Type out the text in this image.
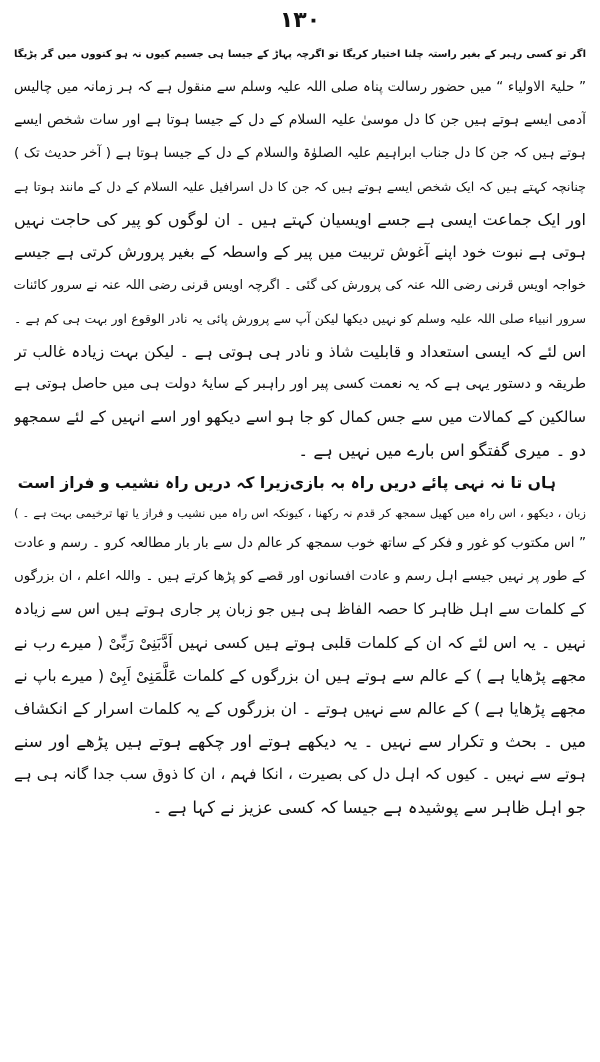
۱۳۰
اگر تو کسی رہبر کے بغیر راستہ چلنا اختیار کریگا تو اگرچہ پہاڑ کے جیسا ہی جسیم کیوں نہ ہو کنووں میں گر پڑیگا
” حلیۃ الاولیاء “ میں حضور رسالت پناہ صلی اللہ علیہ وسلم سے منقول ہے کہ ہر زمانہ میں چالیس
آدمی ایسے ہوتے ہیں جن کا دل موسیٰ علیہ السلام کے دل کے جیسا ہوتا ہے اور سات شخص ایسے
ہوتے ہیں کہ جن کا دل جناب ابراہیم علیہ الصلوٰۃ والسلام کے دل کے جیسا ہوتا ہے ( آخر حدیث تک )
چنانچہ کہتے ہیں کہ ایک شخص ایسے ہوتے ہیں کہ جن کا دل اسرافیل علیہ السلام کے دل کے مانند ہوتا ہے
اور ایک جماعت ایسی ہے جسے اویسیان کہتے ہیں ۔ ان لوگوں کو پیر کی حاجت نہیں
ہوتی ہے نبوت خود اپنے آغوش تربیت میں پیر کے واسطہ کے بغیر پرورش کرتی ہے جیسے
خواجہ اویس قرنی رضی اللہ عنہ کی پرورش کی گئی ۔ اگرچہ اویس قرنی رضی اللہ عنہ نے سرور کائنات
سرور انبیاء صلی اللہ علیہ وسلم کو نہیں دیکھا لیکن آپ سے پرورش پائی یہ نادر الوقوع اور بہت ہی کم ہے ۔
اس لئے کہ ایسی استعداد و قابلیت شاذ و نادر ہی ہوتی ہے ۔ لیکن بہت زیادہ غالب تر
طریقہ و دستور یہی ہے کہ یہ نعمت کسی پیر اور راہبر کے سایۂ دولت ہی میں حاصل ہوتی ہے
سالکین کے کمالات میں سے جس کمال کو جا ہو اسے دیکھو اور اسے انہیں کے لئے سمجھو
دو ۔ میری گفتگو اس بارے میں نہیں ہے ۔
ہاں تا نہ نہی پائے دریں راہ بہ بازی
زیرا کہ دریں راہ نشیب و فراز است
زبان ، دیکھو ، اس راہ میں کھیل سمجھ کر قدم نہ رکھنا ، کیونکہ اس راہ میں نشیب و فراز یا تھا ترخیمی بہت ہے ۔ )
” اس مکتوب کو غور و فکر کے ساتھ خوب سمجھ کر عالم دل سے بار بار مطالعہ کرو ۔ رسم و عادت
کے طور پر نہیں جیسے اہل رسم و عادت افسانوں اور قصے کو پڑھا کرتے ہیں ۔ واللہ اعلم ، ان بزرگوں
کے کلمات سے اہل ظاہر کا حصہ الفاظ ہی ہیں جو زبان پر جاری ہوتے ہیں اس سے زیادہ
نہیں ۔ یہ اس لئے کہ ان کے کلمات قلبی ہوتے ہیں کسی نہیں اَدَّبَنِیْ رَبِّیْ ( میرے رب نے
مجھے پڑھایا ہے ) کے عالم سے ہوتے ہیں ان بزرگوں کے کلمات عَلَّمَنِیْ اَبِیْ ( میرے باپ نے
مجھے پڑھایا ہے ) کے عالم سے نہیں ہوتے ۔ ان بزرگوں کے یہ کلمات اسرار کے انکشاف
میں ۔ بحث و تکرار سے نہیں ۔ یہ دیکھے ہوتے اور چکھے ہوتے ہیں پڑھے اور سنے
ہوتے سے نہیں ۔ کیوں کہ اہل دل کی بصیرت ، انکا فہم ، ان کا ذوق سب جدا گانہ ہی ہے
جو اہل ظاہر سے پوشیدہ ہے جیسا کہ کسی عزیز نے کہا ہے ۔
